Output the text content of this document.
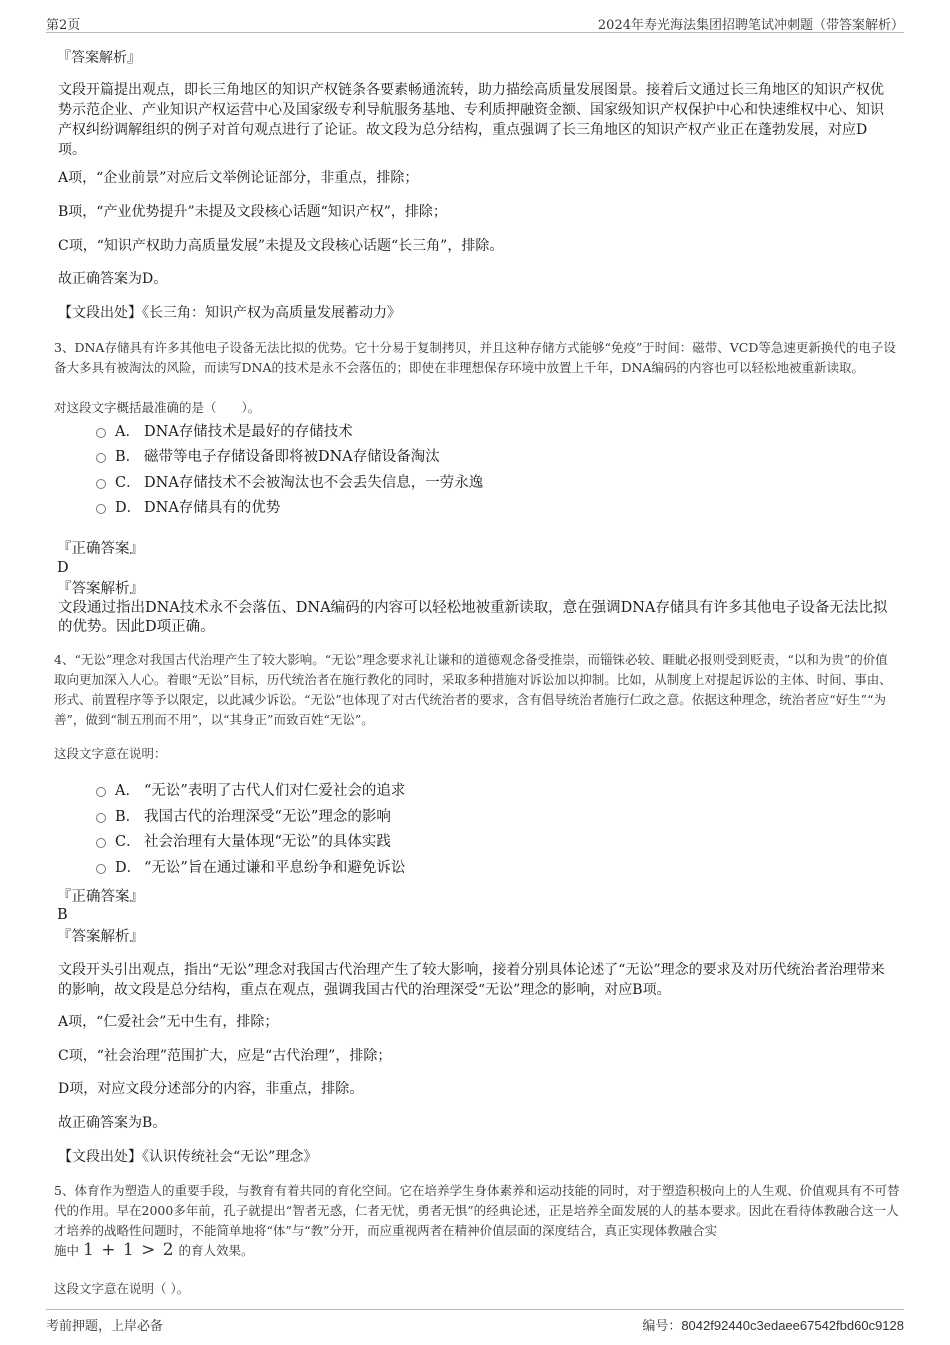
第2页	2024年寿光海法集团招聘笔试冲刺题（带答案解析）
『答案解析』
文段开篇提出观点，即长三角地区的知识产权链条各要素畅通流转，助力描绘高质量发展图景。接着后文通过长三角地区的知识产权优势示范企业、产业知识产权运营中心及国家级专利导航服务基地、专利质押融资金额、国家级知识产权保护中心和快速维权中心、知识产权纠纷调解组织的例子对首句观点进行了论证。故文段为总分结构，重点强调了长三角地区的知识产权产业正在蓬勃发展，对应D项。
A项，“企业前景”对应后文举例论证部分，非重点，排除；
B项，“产业优势提升”未提及文段核心话题“知识产权”，排除；
C项，“知识产权助力高质量发展”未提及文段核心话题“长三角”，排除。
故正确答案为D。
【文段出处】《长三角：知识产权为高质量发展蓄动力》
3、DNA存储具有许多其他电子设备无法比拟的优势。它十分易于复制拷贝，并且这种存储方式能够“免疫”于时间：磁带、VCD等急速更新换代的电子设备大多具有被淘汰的风险，而读写DNA的技术是永不会落伍的；即使在非理想保存环境中放置上千年，DNA编码的内容也可以轻松地被重新读取。
对这段文字概括最准确的是（　　）。
A． DNA存储技术是最好的存储技术
B． 磁带等电子存储设备即将被DNA存储设备淘汰
C． DNA存储技术不会被淘汰也不会丢失信息，一劳永逸
D． DNA存储具有的优势
『正确答案』
D
『答案解析』
文段通过指出DNA技术永不会落伍、DNA编码的内容可以轻松地被重新读取，意在强调DNA存储具有许多其他电子设备无法比拟的优势。因此D项正确。
4、“无讼”理念对我国古代治理产生了较大影响。“无讼”理念要求礼让谦和的道德观念备受推崇，而锱铢必较、睚眦必报则受到贬责，“以和为贵”的价值取向更加深入人心。着眼“无讼”目标，历代统治者在施行教化的同时，采取多种措施对诉讼加以抑制。比如，从制度上对提起诉讼的主体、时间、事由、形式、前置程序等予以限定，以此减少诉讼。“无讼”也体现了对古代统治者的要求，含有倡导统治者施行仁政之意。依据这种理念，统治者应“好生”“为善”，做到“制五刑而不用”，以“其身正”而致百姓“无讼”。
这段文字意在说明：
A． “无讼”表明了古代人们对仁爱社会的追求
B． 我国古代的治理深受“无讼”理念的影响
C． 社会治理有大量体现“无讼”的具体实践
D． “无讼”旨在通过谦和平息纷争和避免诉讼
『正确答案』
B
『答案解析』
文段开头引出观点，指出“无讼”理念对我国古代治理产生了较大影响，接着分别具体论述了“无讼”理念的要求及对历代统治者治理带来的影响，故文段是总分结构，重点在观点，强调我国古代的治理深受“无讼”理念的影响，对应B项。
A项，“仁爱社会”无中生有，排除；
C项，“社会治理”范围扩大，应是“古代治理”，排除；
D项，对应文段分述部分的内容，非重点，排除。
故正确答案为B。
【文段出处】《认识传统社会“无讼”理念》
5、体育作为塑造人的重要手段，与教育有着共同的育化空间。它在培养学生身体素养和运动技能的同时，对于塑造积极向上的人生观、价值观具有不可替代的作用。早在2000多年前，孔子就提出“智者无惑，仁者无忧，勇者无惧”的经典论述，正是培养全面发展的人的基本要求。因此在看待体教融合这一人才培养的战略性问题时，不能简单地将“体”与“教”分开，而应重视两者在精神价值层面的深度结合，真正实现体教融合实
施中 1 + 1 > 2 的育人效果。
这段文字意在说明（ ）。
考前押题，上岸必备	编号：8042f92440c3edaee67542fbd60c9128
